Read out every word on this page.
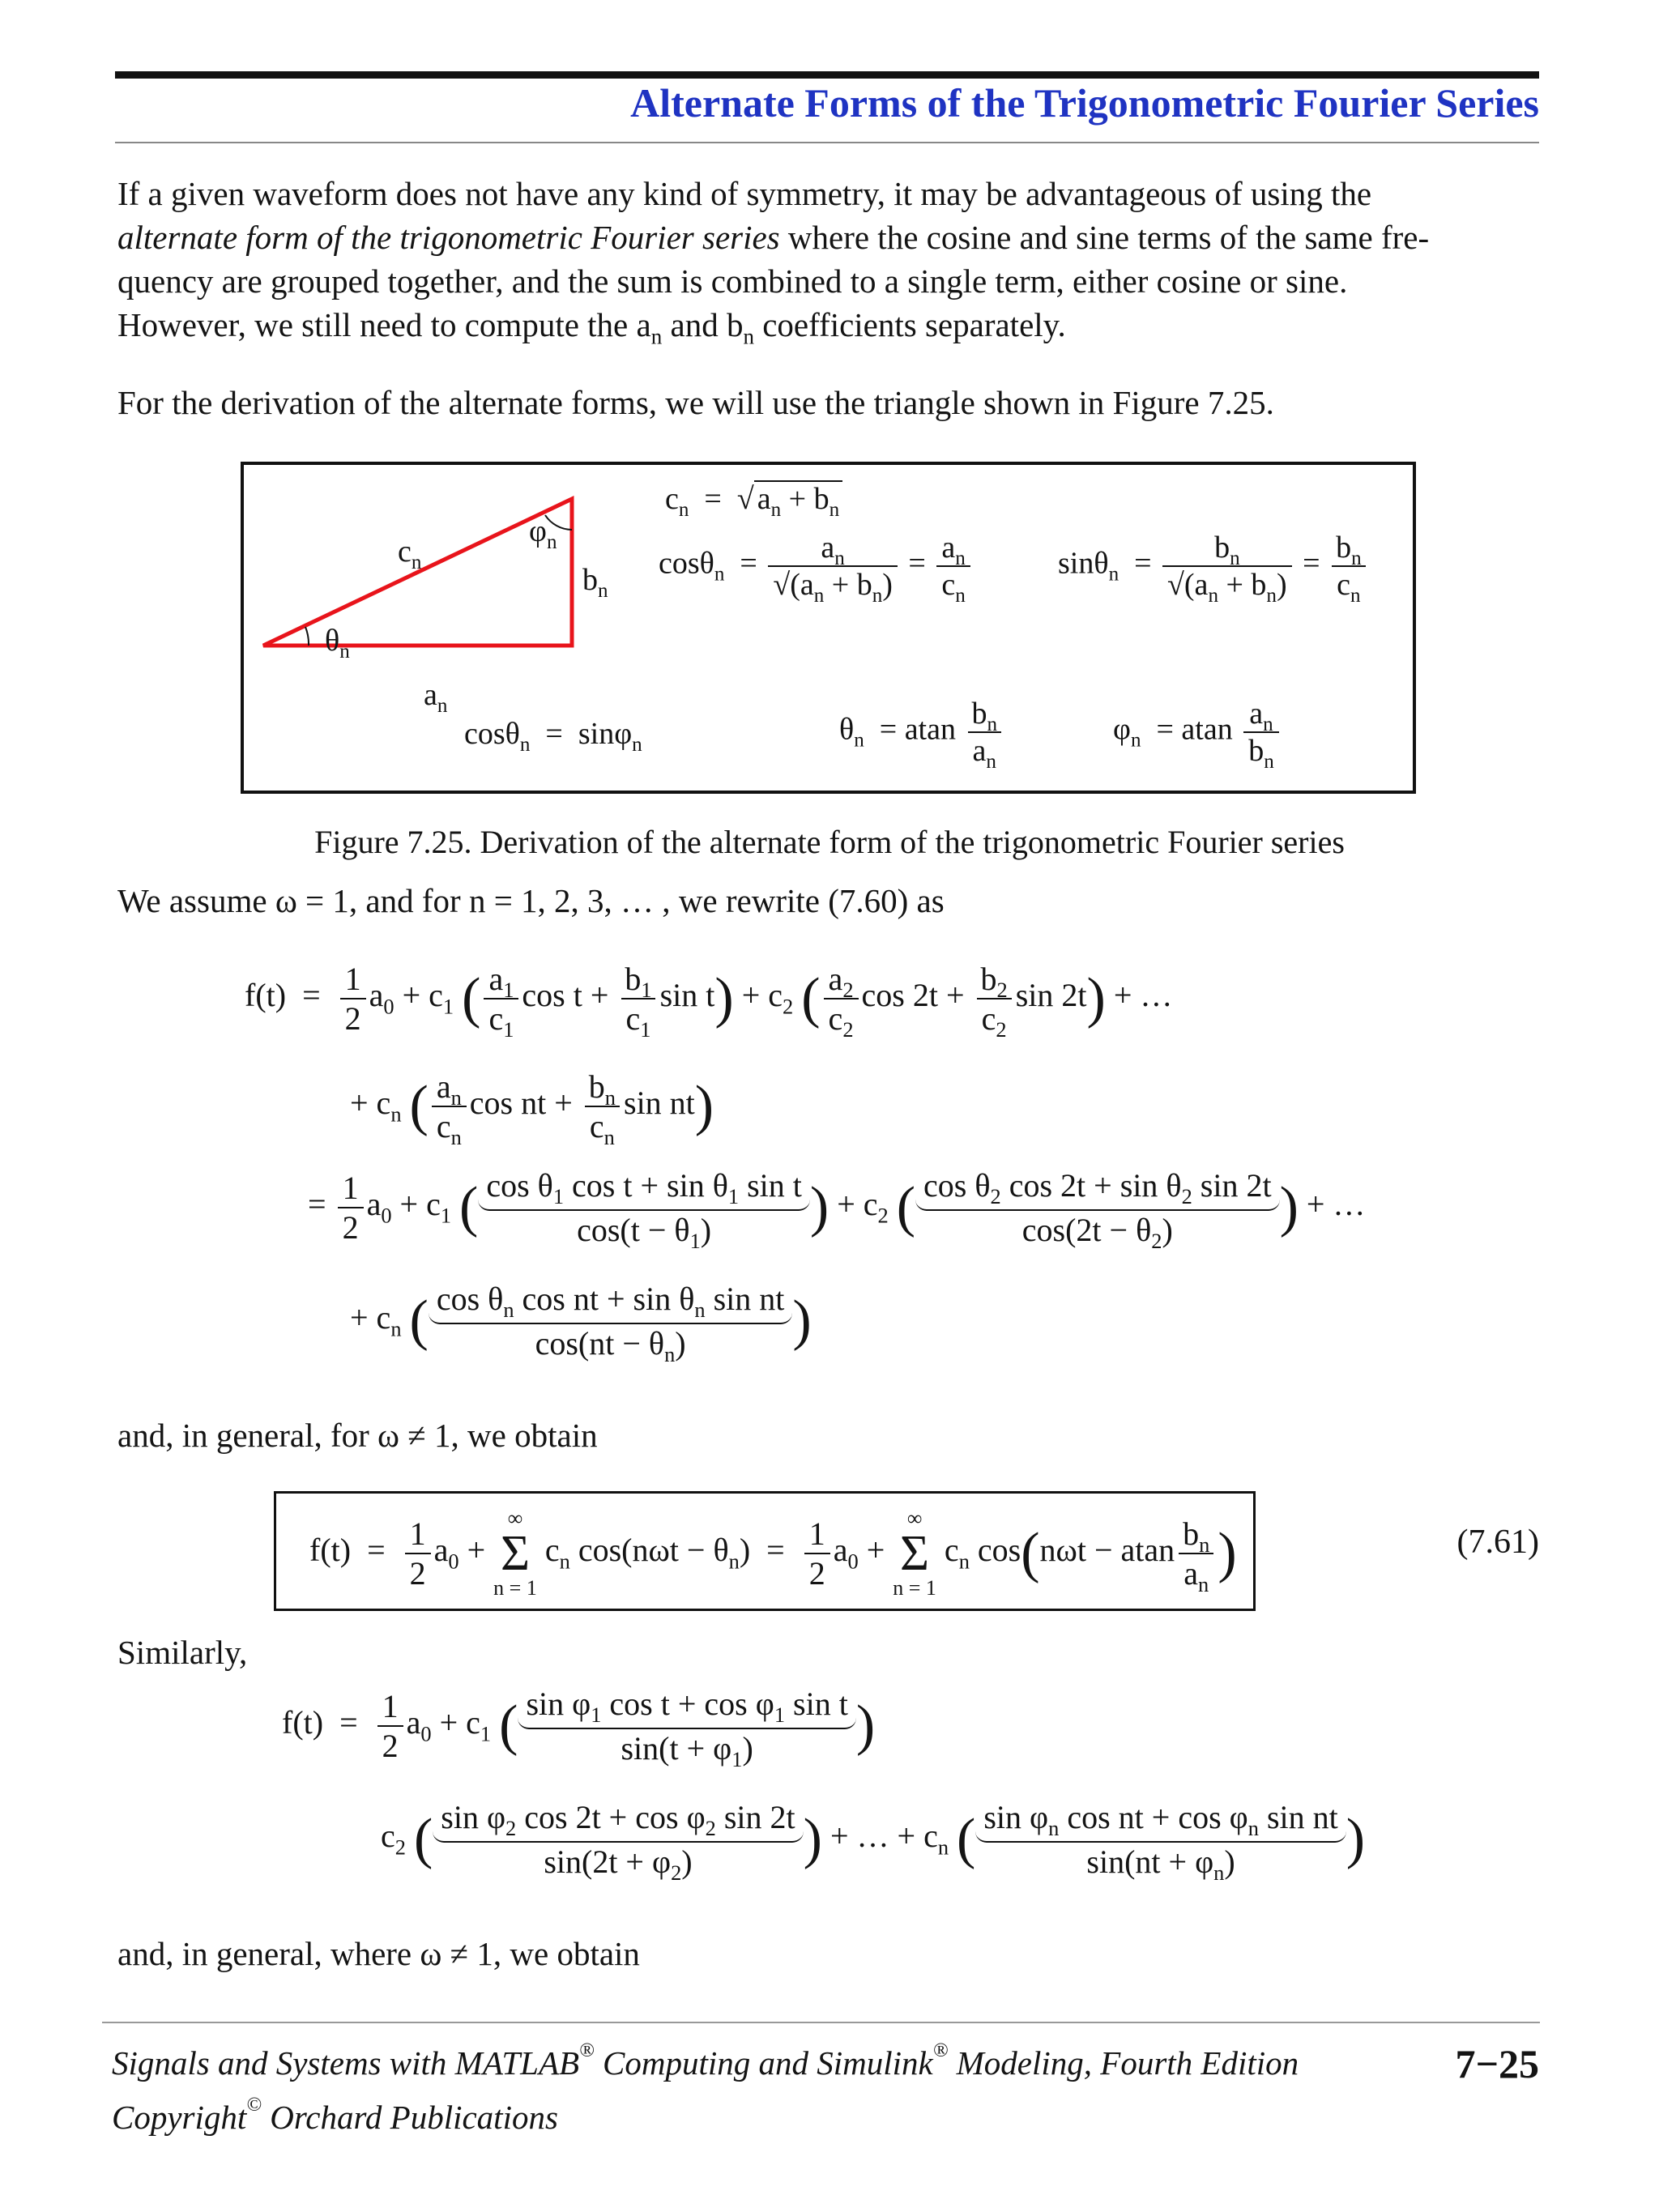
Alternate Forms of the Trigonometric Fourier Series
If a given waveform does not have any kind of symmetry, it may be advantageous of using the
alternate form of the trigonometric Fourier series where the cosine and sine terms of the same fre-
quency are grouped together, and the sum is combined to a single term, either cosine or sine.
However, we still need to compute the $a_n$ and $b_n$ coefficients separately.
For the derivation of the alternate forms, we will use the triangle shown in Figure 7.25.
$c_n$
$\varphi_n$
$b_n$
$\theta_n$
$a_n$
$c_n$  =  √ $a_n + b_n$
$\cos\theta_n = \frac{a_n}{√(a_n + b_n)} = \frac{a_n}{c_n}$	$\sin\theta_n = \frac{b_n}{√(a_n + b_n)} = \frac{b_n}{c_n}$
cosθ$_n$  =  sinφ$_n$	$\theta_n = atan \frac{b_n}{a_n}$	$\varphi_n = atan \frac{a_n}{b_n}$
Figure 7.25. Derivation of the alternate form of the trigonometric Fourier series
We assume ω = 1, and for n = 1, 2, 3, … , we rewrite (7.60) as
$f(t) = \frac{1}{2} a_0 + c_1$ ( $\frac{a_1}{c_1}$ $\cos t + \frac{b_1}{c_1}$ $\sin t) + c_2$ ( $\frac{a_2}{c_2}$ $\cos 2t + \frac{b_2}{c_2}$ sin 2t) + …
+ $c_n$ ( $\frac{a_n}{c_n}$ cos nt + $\frac{b_n}{c_n}$ sin nt)
= $\frac{1}{2} a_0 + c_1$ ( $\frac{\cos \theta_1 \cos t + \sin \theta_1 \sin t}{\cos(t - \theta_1)}$ ) + $c_2$ ( $\frac{\cos \theta_2 \cos 2t + \sin \theta_2 \sin 2t}{\cos(2t - \theta_2)}$ ) + …
+ $c_n$ ( $\frac{\cos \theta_n \cos nt + \sin \theta_n \sin nt}{\cos(nt - \theta_n)}$ )
and, in general, for ω ≠ 1, we obtain
$f(t) = \frac{1}{2} a_0$ +
∞
Σ
n = 1
$c_n$ $\cos(n\omega t - \theta_n) = \frac{1}{2} a_0$ +
∞
Σ
n = 1
$c_n$ cos(nωt − atan $\frac{b_n}{a_n}$ )	(7.61)
Similarly,
$f(t) = \frac{1}{2} a_0 + c_1$ ( $\frac{\sin \varphi_1 \cos t + \cos \varphi_1 \sin t}{\sin(t + \varphi_1)}$ )
$c_2$ ( $\frac{\sin \varphi_2 \cos 2t + \cos \varphi_2 \sin 2t}{\sin(2t + \varphi_2)}$ ) + … + $c_n$ ( $\frac{\sin \varphi_n \cos nt + \cos \varphi_n \sin nt}{\sin(nt + \varphi_n)}$ )
and, in general, where ω ≠ 1, we obtain
Signals and Systems with MATLAB® Computing and Simulink® Modeling, Fourth Edition
Copyright© Orchard Publications
7−25
